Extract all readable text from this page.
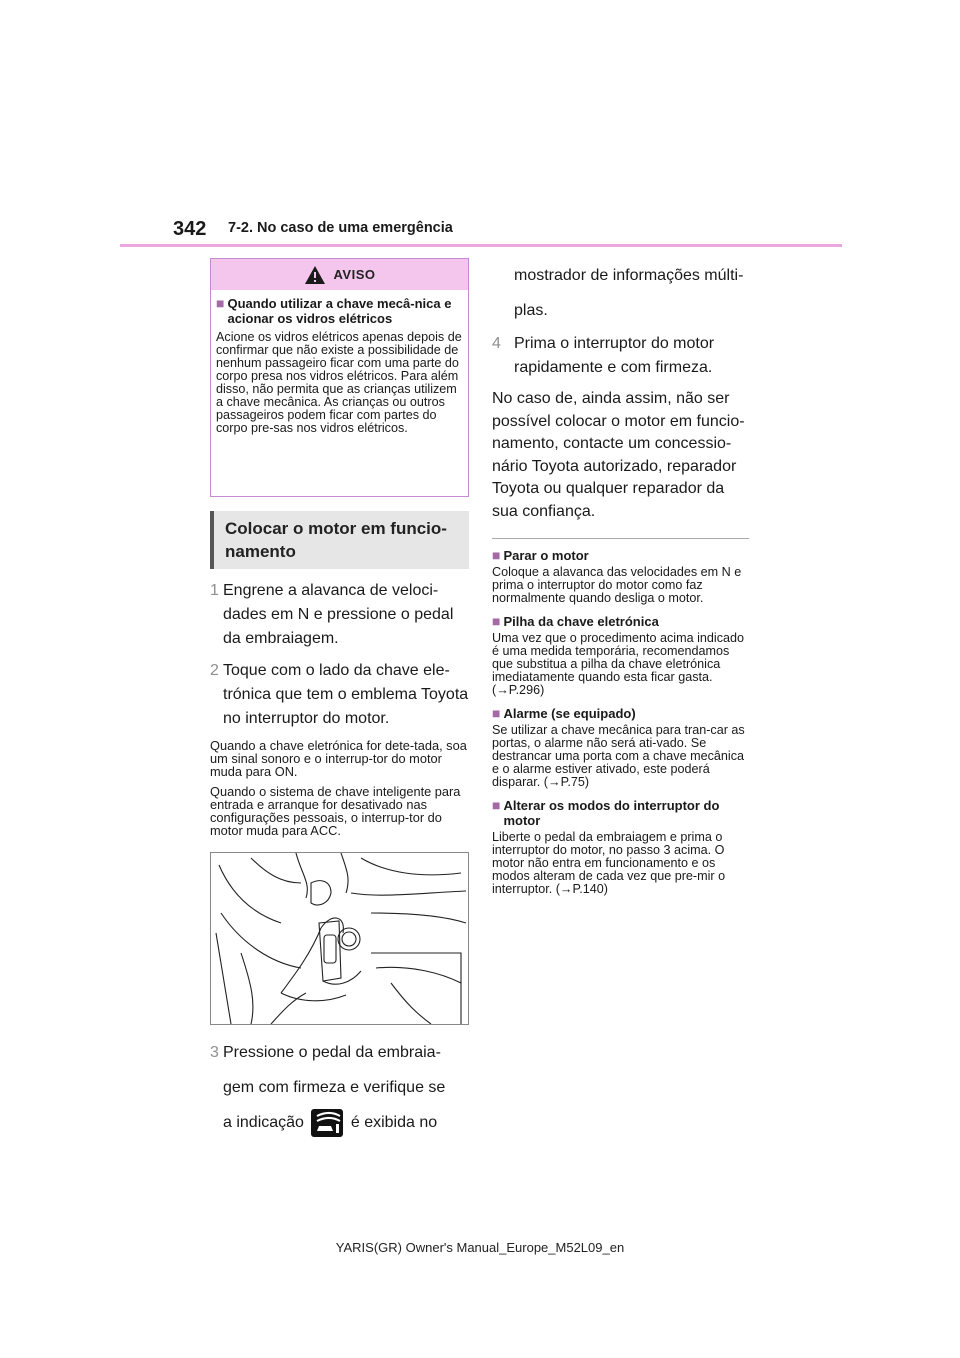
342 7-2. No caso de uma emergência
AVISO
■ Quando utilizar a chave mecâ-nica e acionar os vidros elétricos
Acione os vidros elétricos apenas depois de confirmar que não existe a possibilidade de nenhum passageiro ficar com uma parte do corpo presa nos vidros elétricos. Para além disso, não permita que as crianças utilizem a chave mecânica. As crianças ou outros passageiros podem ficar com partes do corpo pre-sas nos vidros elétricos.
Colocar o motor em funcio-namento
1 Engrene a alavanca de veloci-dades em N e pressione o pedal da embraiagem.
2 Toque com o lado da chave ele-trónica que tem o emblema Toyota no interruptor do motor.
Quando a chave eletrónica for dete-tada, soa um sinal sonoro e o interrup-tor do motor muda para ON.
Quando o sistema de chave inteligente para entrada e arranque for desativado nas configurações pessoais, o interrup-tor do motor muda para ACC.
3 Pressione o pedal da embraia-
gem com firmeza e verifique se
a indicação	é exibida no
mostrador de informações múlti-
plas.
4 Prima o interruptor do motor rapidamente e com firmeza.
No caso de, ainda assim, não ser possível colocar o motor em funcio-namento, contacte um concessio-nário Toyota autorizado, reparador Toyota ou qualquer reparador da sua confiança.
■ Parar o motor
Coloque a alavanca das velocidades em N e prima o interruptor do motor como faz normalmente quando desliga o motor.
■ Pilha da chave eletrónica
Uma vez que o procedimento acima indicado é uma medida temporária, recomendamos que substitua a pilha da chave eletrónica imediatamente quando esta ficar gasta. (→P.296)
■ Alarme (se equipado)
Se utilizar a chave mecânica para tran-car as portas, o alarme não será ati-vado. Se destrancar uma porta com a chave mecânica e o alarme estiver ativado, este poderá disparar. (→P.75)
■ Alterar os modos do interruptor do motor
Liberte o pedal da embraiagem e prima o interruptor do motor, no passo 3 acima. O motor não entra em funcionamento e os modos alteram de cada vez que pre-mir o interruptor. (→P.140)
YARIS(GR) Owner's Manual_Europe_M52L09_en
